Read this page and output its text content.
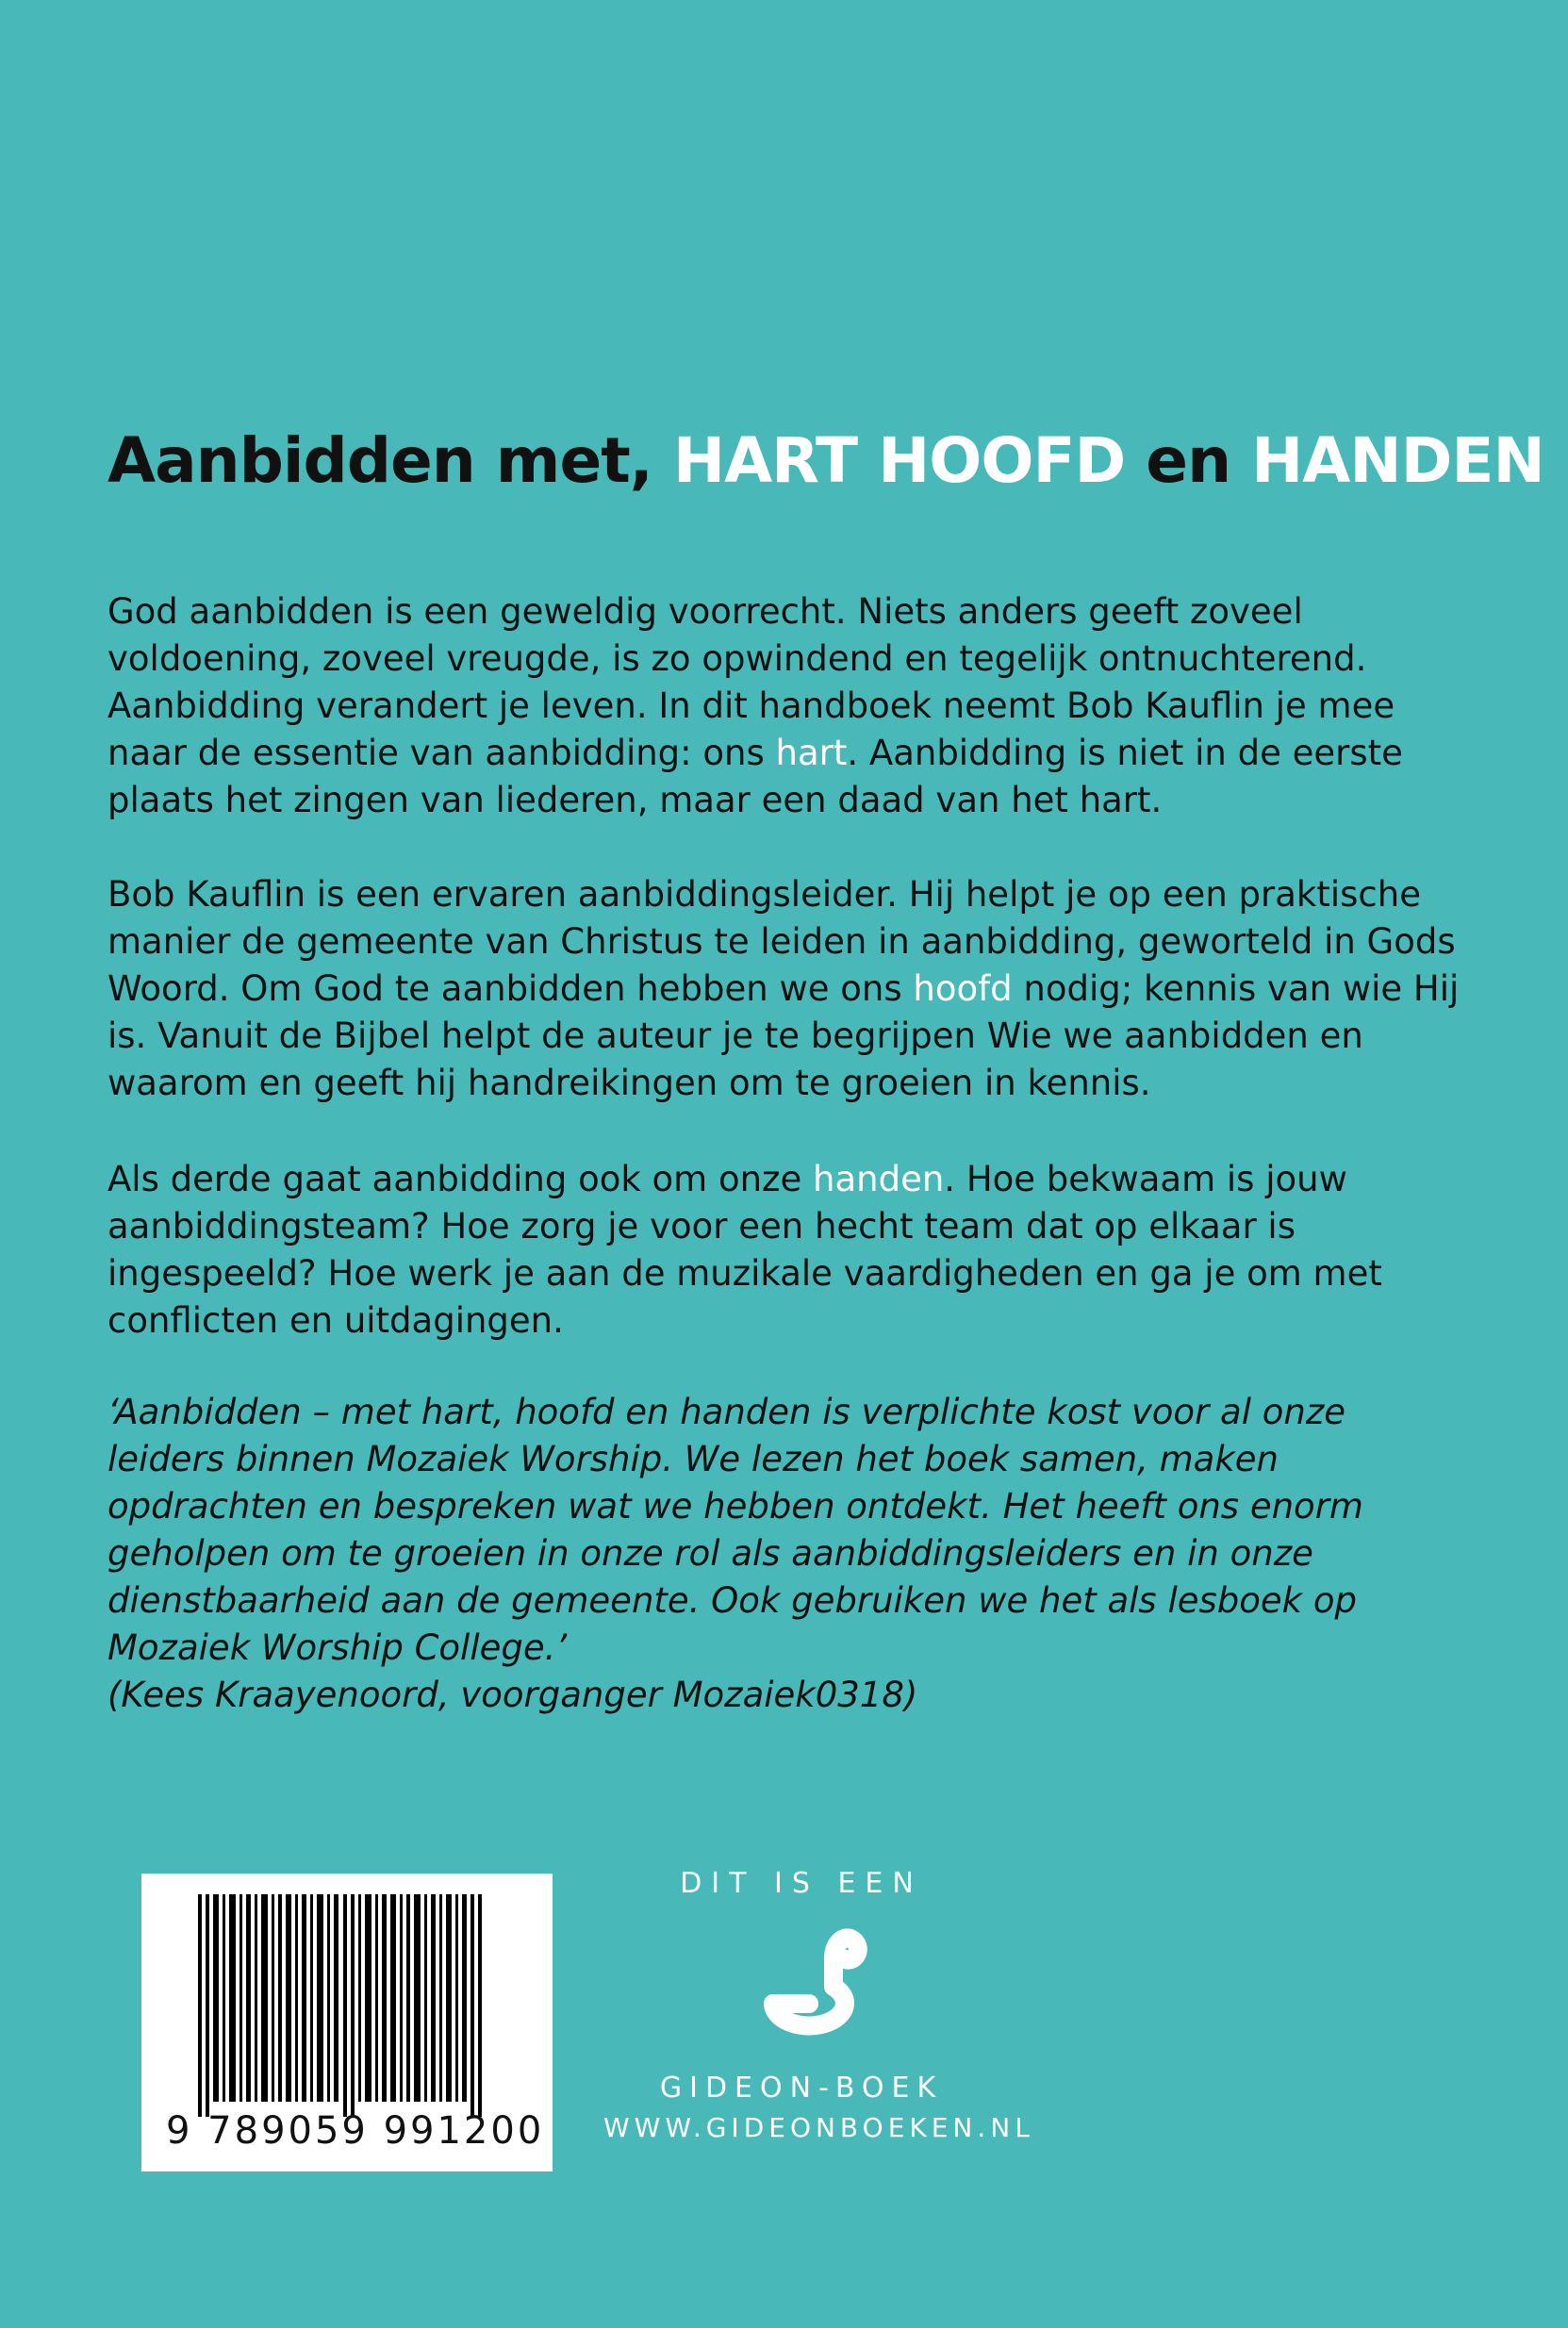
Aanbidden met, HART HOOFD en HANDEN

God aanbidden is een geweldig voorrecht. Niets anders geeft zoveel voldoening, zoveel vreugde, is zo opwindend en tegelijk ontnuchterend. Aanbidding verandert je leven. In dit handboek neemt Bob Kauflin je mee naar de essentie van aanbidding: ons hart. Aanbidding is niet in de eerste plaats het zingen van liederen, maar een daad van het hart.

Bob Kauflin is een ervaren aanbiddingsleider. Hij helpt je op een praktische manier de gemeente van Christus te leiden in aanbidding, geworteld in Gods Woord. Om God te aanbidden hebben we ons hoofd nodig; kennis van wie Hij is. Vanuit de Bijbel helpt de auteur je te begrijpen Wie we aanbidden en waarom en geeft hij handreikingen om te groeien in kennis.

Als derde gaat aanbidding ook om onze handen. Hoe bekwaam is jouw aanbiddingsteam? Hoe zorg je voor een hecht team dat op elkaar is ingespeeld? Hoe werk je aan de muzikale vaardigheden en ga je om met conflicten en uitdagingen.

‘Aanbidden – met hart, hoofd en handen is verplichte kost voor al onze leiders binnen Mozaiek Worship. We lezen het boek samen, maken opdrachten en bespreken wat we hebben ontdekt. Het heeft ons enorm geholpen om te groeien in onze rol als aanbiddingsleiders en in onze dienstbaarheid aan de gemeente. Ook gebruiken we het als lesboek op Mozaiek Worship College.’
(Kees Kraayenoord, voorganger Mozaiek0318)

9 789059 991200
DIT IS EEN
GIDEON-BOEK
WWW.GIDEONBOEKEN.NL
